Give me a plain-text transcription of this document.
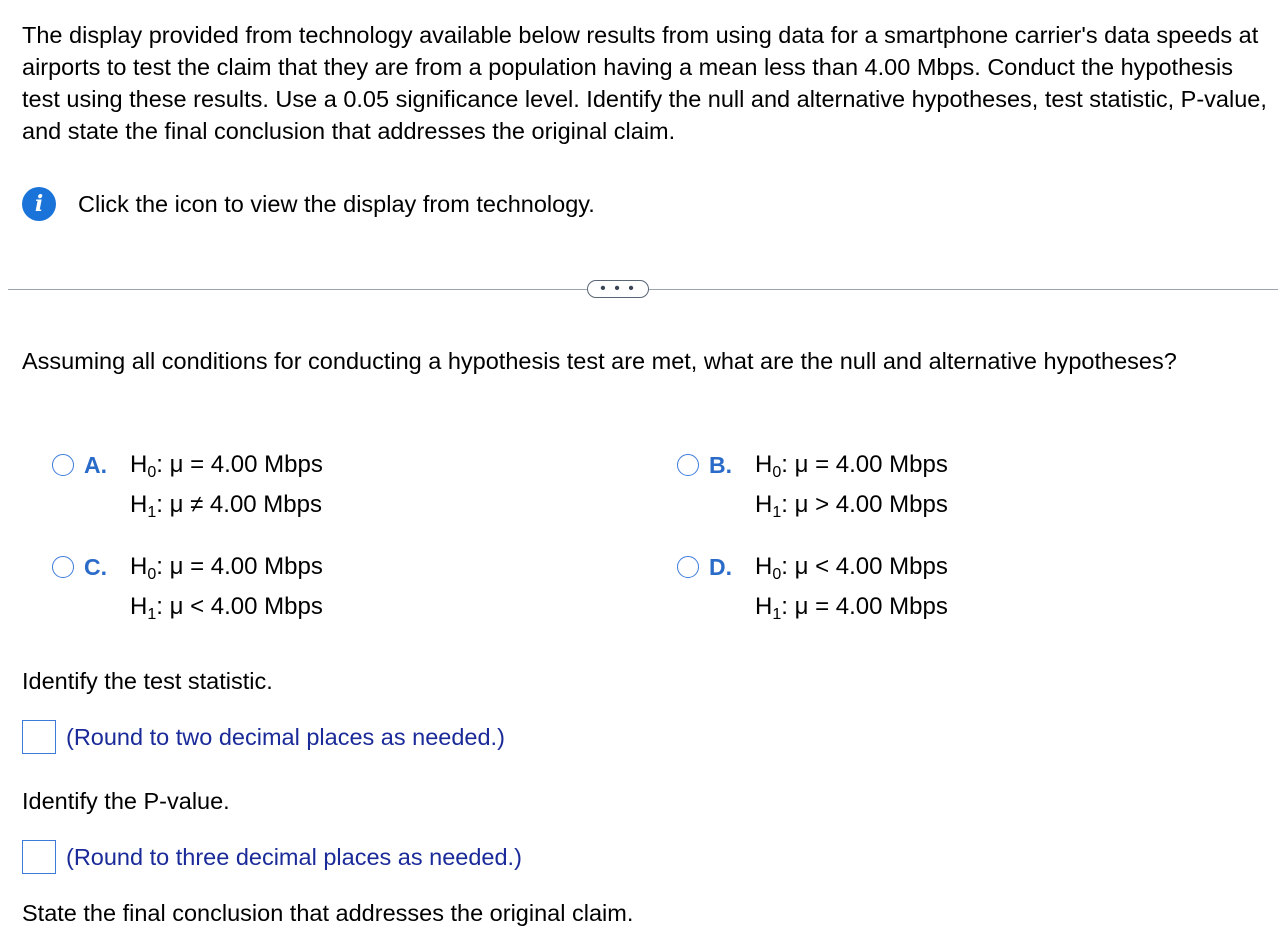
The display provided from technology available below results from using data for a smartphone carrier's data speeds at airports to test the claim that they are from a population having a mean less than 4.00 Mbps. Conduct the hypothesis test using these results. Use a 0.05 significance level. Identify the null and alternative hypotheses, test statistic, P-value, and state the final conclusion that addresses the original claim.

i	Click the icon to view the display from technology.
• • •

Assuming all conditions for conducting a hypothesis test are met, what are the null and alternative hypotheses?

A. $H_0$: μ = 4.00 Mbps
$H_1$: μ ≠ 4.00 Mbps
B. $H_0$: μ = 4.00 Mbps
$H_1$: μ > 4.00 Mbps
C. $H_0$: μ = 4.00 Mbps
$H_1$: μ < 4.00 Mbps
D. $H_0$: μ < 4.00 Mbps
$H_1$: μ = 4.00 Mbps
Identify the test statistic.
(Round to two decimal places as needed.)
Identify the P-value.
(Round to three decimal places as needed.)
State the final conclusion that addresses the original claim.
